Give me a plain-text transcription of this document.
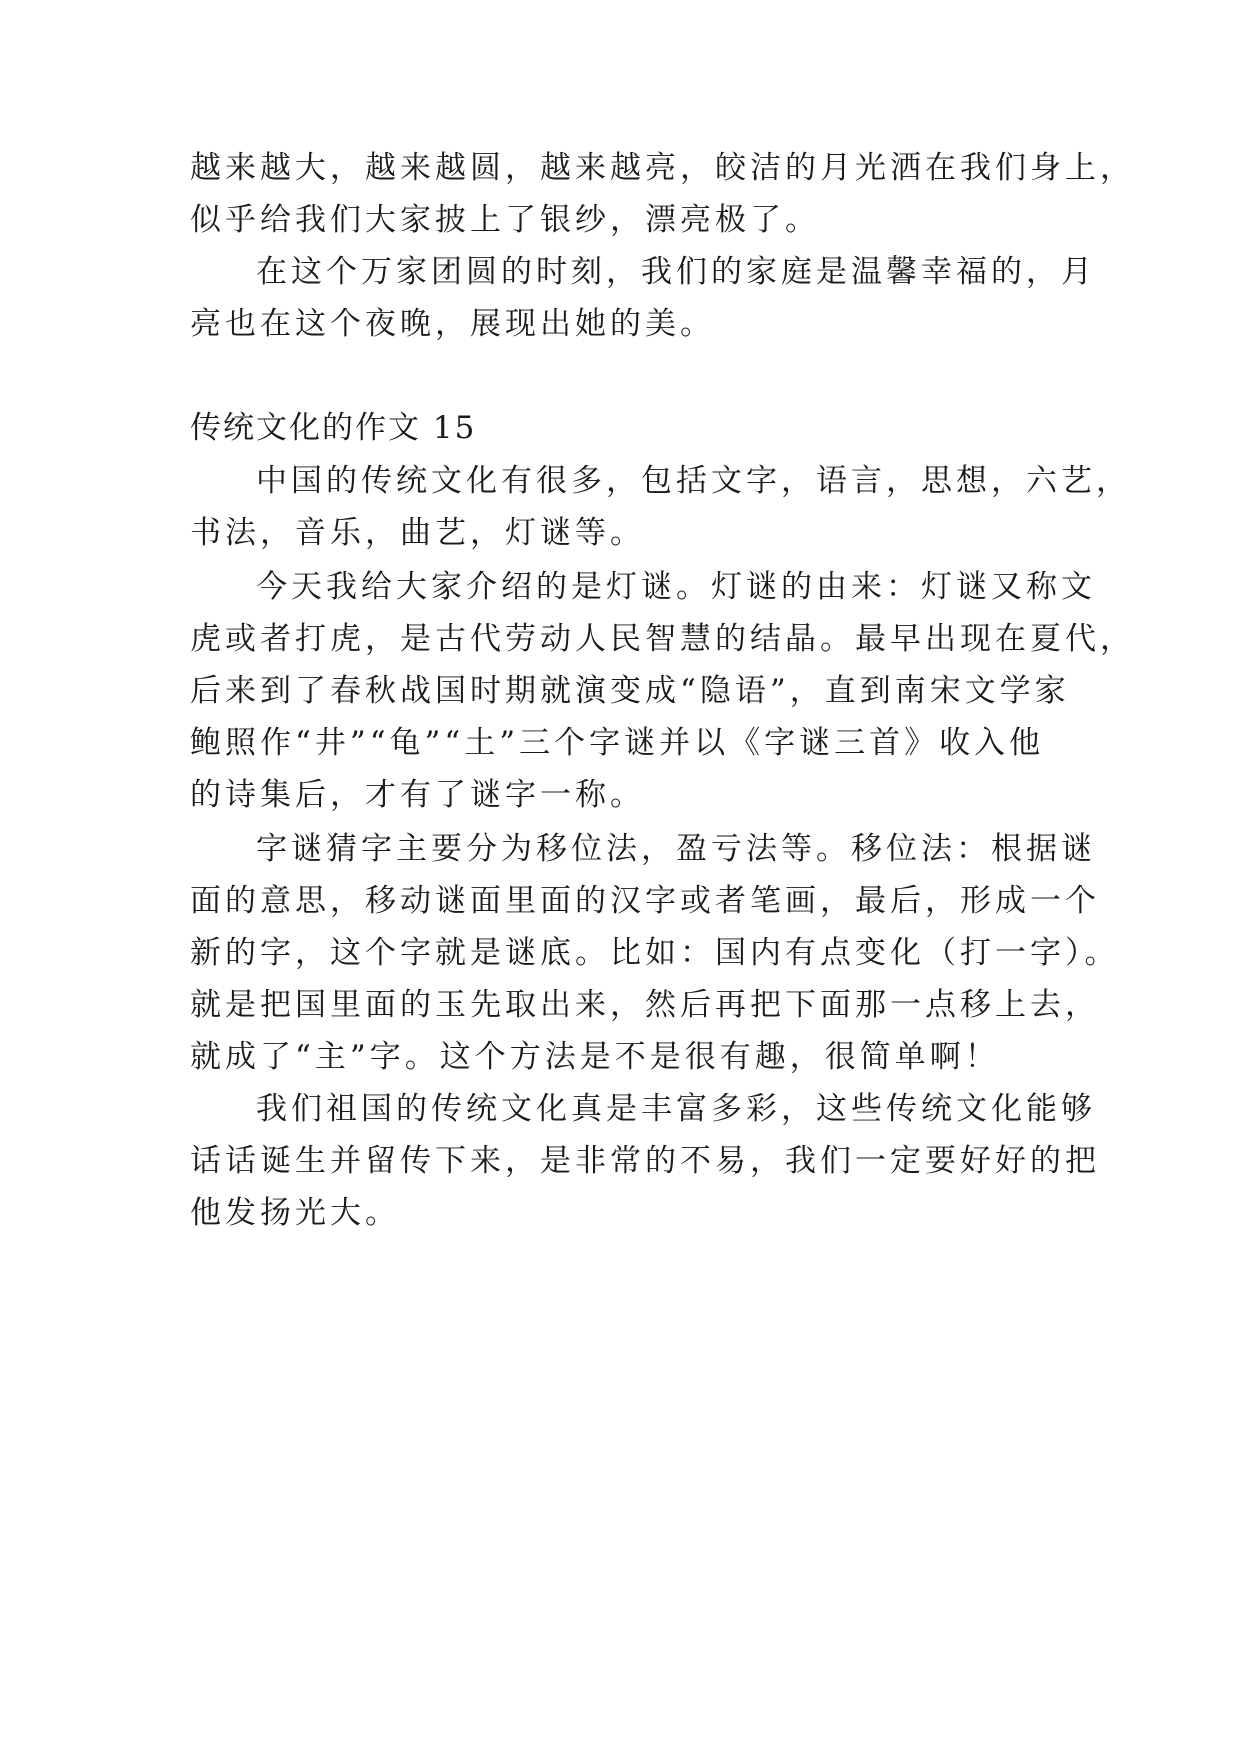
越来越大，越来越圆，越来越亮，皎洁的月光洒在我们身上，
似乎给我们大家披上了银纱，漂亮极了。
在这个万家团圆的时刻，我们的家庭是温馨幸福的，月
亮也在这个夜晚，展现出她的美。
传统文化的作文 15
中国的传统文化有很多，包括文字，语言，思想，六艺，
书法，音乐，曲艺，灯谜等。
今天我给大家介绍的是灯谜。灯谜的由来：灯谜又称文
虎或者打虎，是古代劳动人民智慧的结晶。最早出现在夏代，
后来到了春秋战国时期就演变成“隐语”，直到南宋文学家
鲍照作“井”“龟”“土”三个字谜并以《字谜三首》收入他
的诗集后，才有了谜字一称。
字谜猜字主要分为移位法，盈亏法等。移位法：根据谜
面的意思，移动谜面里面的汉字或者笔画，最后，形成一个
新的字，这个字就是谜底。比如：国内有点变化（打一字）。
就是把国里面的玉先取出来，然后再把下面那一点移上去，
就成了“主”字。这个方法是不是很有趣，很简单啊！
我们祖国的传统文化真是丰富多彩，这些传统文化能够
话话诞生并留传下来，是非常的不易，我们一定要好好的把
他发扬光大。
